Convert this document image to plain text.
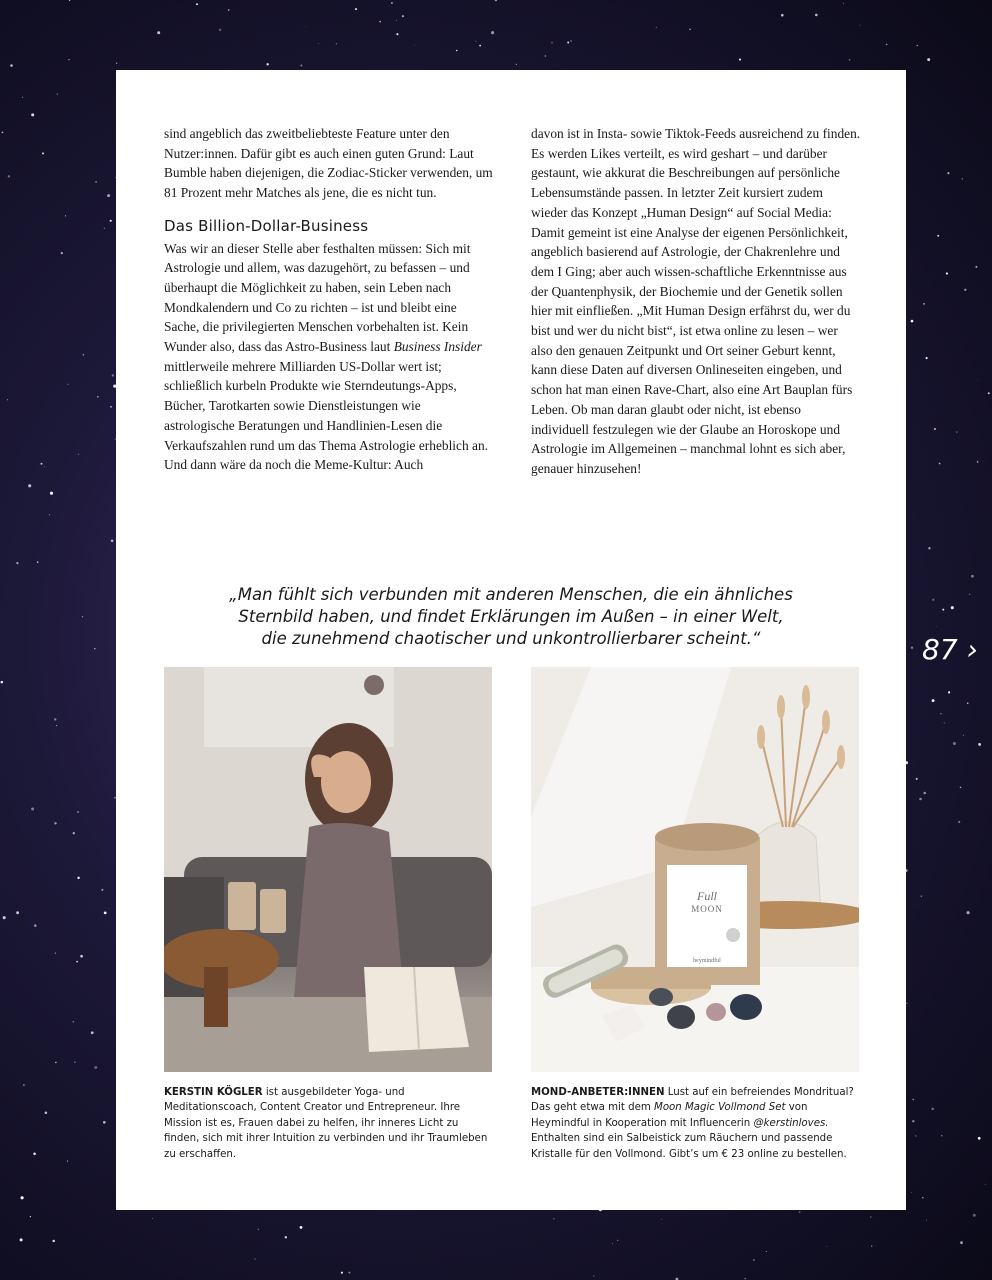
sind angeblich das zweitbeliebteste Feature unter den Nutzer:innen. Dafür gibt es auch einen guten Grund: Laut Bumble haben diejenigen, die Zodiac-Sticker verwenden, um 81 Prozent mehr Matches als jene, die es nicht tun.

Das Billion-Dollar-Business

Was wir an dieser Stelle aber festhalten müssen: Sich mit Astrologie und allem, was dazugehört, zu befassen – und überhaupt die Möglichkeit zu haben, sein Leben nach Mondkalendern und Co zu richten – ist und bleibt eine Sache, die privilegierten Menschen vorbehalten ist. Kein Wunder also, dass das Astro-Business laut Business Insider mittlerweile mehrere Milliarden US-Dollar wert ist; schließlich kurbeln Produkte wie Sterndeutungs-Apps, Bücher, Tarotkarten sowie Dienstleistungen wie astrologische Beratungen und Handlinien-Lesen die Verkaufszahlen rund um das Thema Astrologie erheblich an. Und dann wäre da noch die Meme-Kultur: Auch

davon ist in Insta- sowie Tiktok-Feeds ausreichend zu finden. Es werden Likes verteilt, es wird geshart – und darüber gestaunt, wie akkurat die Beschreibungen auf persönliche Lebensumstände passen. In letzter Zeit kursiert zudem wieder das Konzept „Human Design“ auf Social Media: Damit gemeint ist eine Analyse der eigenen Persönlichkeit, angeblich basierend auf Astrologie, der Chakrenlehre und dem I Ging; aber auch wissen-schaftliche Erkenntnisse aus der Quantenphysik, der Biochemie und der Genetik sollen hier mit einfließen. „Mit Human Design erfährst du, wer du bist und wer du nicht bist“, ist etwa online zu lesen – wer also den genauen Zeitpunkt und Ort seiner Geburt kennt, kann diese Daten auf diversen Onlineseiten eingeben, und schon hat man einen Rave-Chart, also eine Art Bauplan fürs Leben. Ob man daran glaubt oder nicht, ist ebenso individuell festzulegen wie der Glaube an Horoskope und Astrologie im Allgemeinen – manchmal lohnt es sich aber, genauer hinzusehen!

„Man fühlt sich verbunden mit anderen Menschen, die ein ähnliches
Sternbild haben, und findet Erklärungen im Außen – in einer Welt,
die zunehmend chaotischer und unkontrollierbarer scheint.“
Full
MOON
heymindful
KERSTIN KÖGLER ist ausgebildeter Yoga- und Meditationscoach, Content Creator und Entrepreneur. Ihre Mission ist es, Frauen dabei zu helfen, ihr inneres Licht zu finden, sich mit ihrer Intuition zu verbinden und ihr Traumleben zu erschaffen.
MOND-ANBETER:INNEN Lust auf ein befreiendes Mondritual? Das geht etwa mit dem Moon Magic Vollmond Set von Heymindful in Kooperation mit Influencerin @kerstinloves. Enthalten sind ein Salbeistick zum Räuchern und passende Kristalle für den Vollmond. Gibt’s um € 23 online zu bestellen.
87 ›
